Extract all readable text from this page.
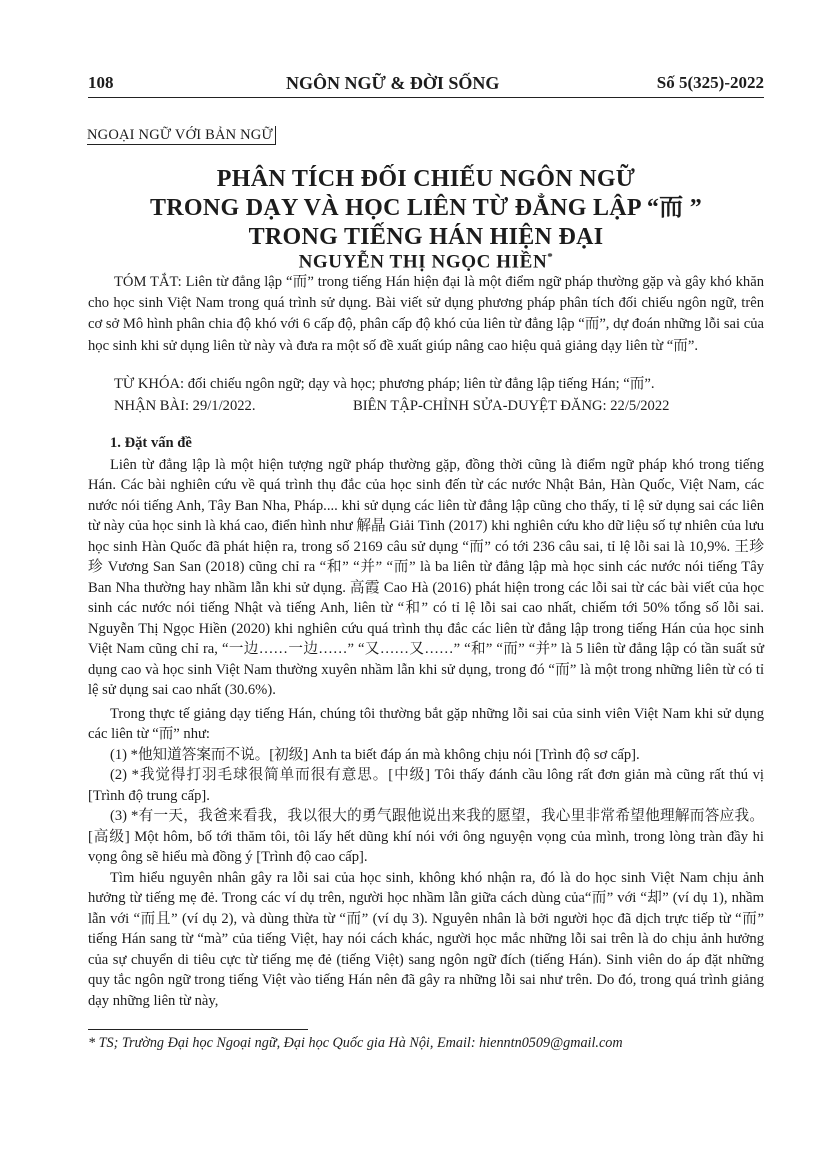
108	NGÔN NGỮ & ĐỜI SỐNG	Số 5(325)-2022
NGOẠI NGỮ VỚI BẢN NGỮ
PHÂN TÍCH ĐỐI CHIẾU NGÔN NGỮ
TRONG DẠY VÀ HỌC LIÊN TỪ ĐẲNG LẬP “而 ”
TRONG TIẾNG HÁN HIỆN ĐẠI
NGUYỄN THỊ NGỌC HIỀN*

TÓM TẮT: Liên từ đẳng lập “而” trong tiếng Hán hiện đại là một điểm ngữ pháp thường gặp và gây khó khăn cho học sinh Việt Nam trong quá trình sử dụng. Bài viết sử dụng phương pháp phân tích đối chiếu ngôn ngữ, trên cơ sở Mô hình phân chia độ khó với 6 cấp độ, phân cấp độ khó của liên từ đẳng lập “而”, dự đoán những lỗi sai của học sinh khi sử dụng liên từ này và đưa ra một số đề xuất giúp nâng cao hiệu quả giảng dạy liên từ “而”.

TỪ KHÓA: đối chiếu ngôn ngữ; dạy và học; phương pháp; liên từ đẳng lập tiếng Hán; “而”.
NHẬN BÀI: 29/1/2022.	BIÊN TẬP-CHỈNH SỬA-DUYỆT ĐĂNG: 22/5/2022

1. Đặt vấn đề

Liên từ đẳng lập là một hiện tượng ngữ pháp thường gặp, đồng thời cũng là điểm ngữ pháp khó trong tiếng Hán. Các bài nghiên cứu về quá trình thụ đắc của học sinh đến từ các nước Nhật Bản, Hàn Quốc, Việt Nam, các nước nói tiếng Anh, Tây Ban Nha, Pháp.... khi sử dụng các liên từ đẳng lập cũng cho thấy, tỉ lệ sử dụng sai các liên từ này của học sinh là khá cao, điển hình như 解晶 Giải Tinh (2017) khi nghiên cứu kho dữ liệu số tự nhiên của lưu học sinh Hàn Quốc đã phát hiện ra, trong số 2169 câu sử dụng “而” có tới 236 câu sai, tỉ lệ lỗi sai là 10,9%. 王珍珍 Vương San San (2018) cũng chỉ ra “和” “并” “而” là ba liên từ đẳng lập mà học sinh các nước nói tiếng Tây Ban Nha thường hay nhầm lẫn khi sử dụng. 高霞 Cao Hà (2016) phát hiện trong các lỗi sai từ các bài viết của học sinh các nước nói tiếng Nhật và tiếng Anh, liên từ “和” có tỉ lệ lỗi sai cao nhất, chiếm tới 50% tổng số lỗi sai. Nguyễn Thị Ngọc Hiền (2020) khi nghiên cứu quá trình thụ đắc các liên từ đẳng lập trong tiếng Hán của học sinh Việt Nam cũng chỉ ra, “一边……一边……” “又……又……” “和” “而” “并” là 5 liên từ đẳng lập có tần suất sử dụng cao và học sinh Việt Nam thường xuyên nhầm lẫn khi sử dụng, trong đó “而” là một trong những liên từ có tỉ lệ sử dụng sai cao nhất (30.6%).

Trong thực tế giảng dạy tiếng Hán, chúng tôi thường bắt gặp những lỗi sai của sinh viên Việt Nam khi sử dụng các liên từ “而” như:

(1) *他知道答案而不说。[初级] Anh ta biết đáp án mà không chịu nói [Trình độ sơ cấp].

(2) *我觉得打羽毛球很简单而很有意思。[中级] Tôi thấy đánh cầu lông rất đơn giản mà cũng rất thú vị [Trình độ trung cấp].

(3) *有一天，我爸来看我，我以很大的勇气跟他说出来我的愿望，我心里非常希望他理解而答应我。[高级] Một hôm, bố tới thăm tôi, tôi lấy hết dũng khí nói với ông nguyện vọng của mình, trong lòng tràn đầy hi vọng ông sẽ hiểu mà đồng ý [Trình độ cao cấp].

Tìm hiểu nguyên nhân gây ra lỗi sai của học sinh, không khó nhận ra, đó là do học sinh Việt Nam chịu ảnh hưởng từ tiếng mẹ đẻ. Trong các ví dụ trên, người học nhầm lẫn giữa cách dùng của“而” với “却” (ví dụ 1), nhầm lẫn với “而且” (ví dụ 2), và dùng thừa từ “而” (ví dụ 3). Nguyên nhân là bởi người học đã dịch trực tiếp từ “而” tiếng Hán sang từ “mà” của tiếng Việt, hay nói cách khác, người học mắc những lỗi sai trên là do chịu ảnh hưởng của sự chuyển di tiêu cực từ tiếng mẹ đẻ (tiếng Việt) sang ngôn ngữ đích (tiếng Hán). Sinh viên do áp đặt những quy tắc ngôn ngữ trong tiếng Việt vào tiếng Hán nên đã gây ra những lỗi sai như trên. Do đó, trong quá trình giảng dạy những liên từ này,

* TS; Trường Đại học Ngoại ngữ, Đại học Quốc gia Hà Nội, Email: hienntn0509@gmail.com
